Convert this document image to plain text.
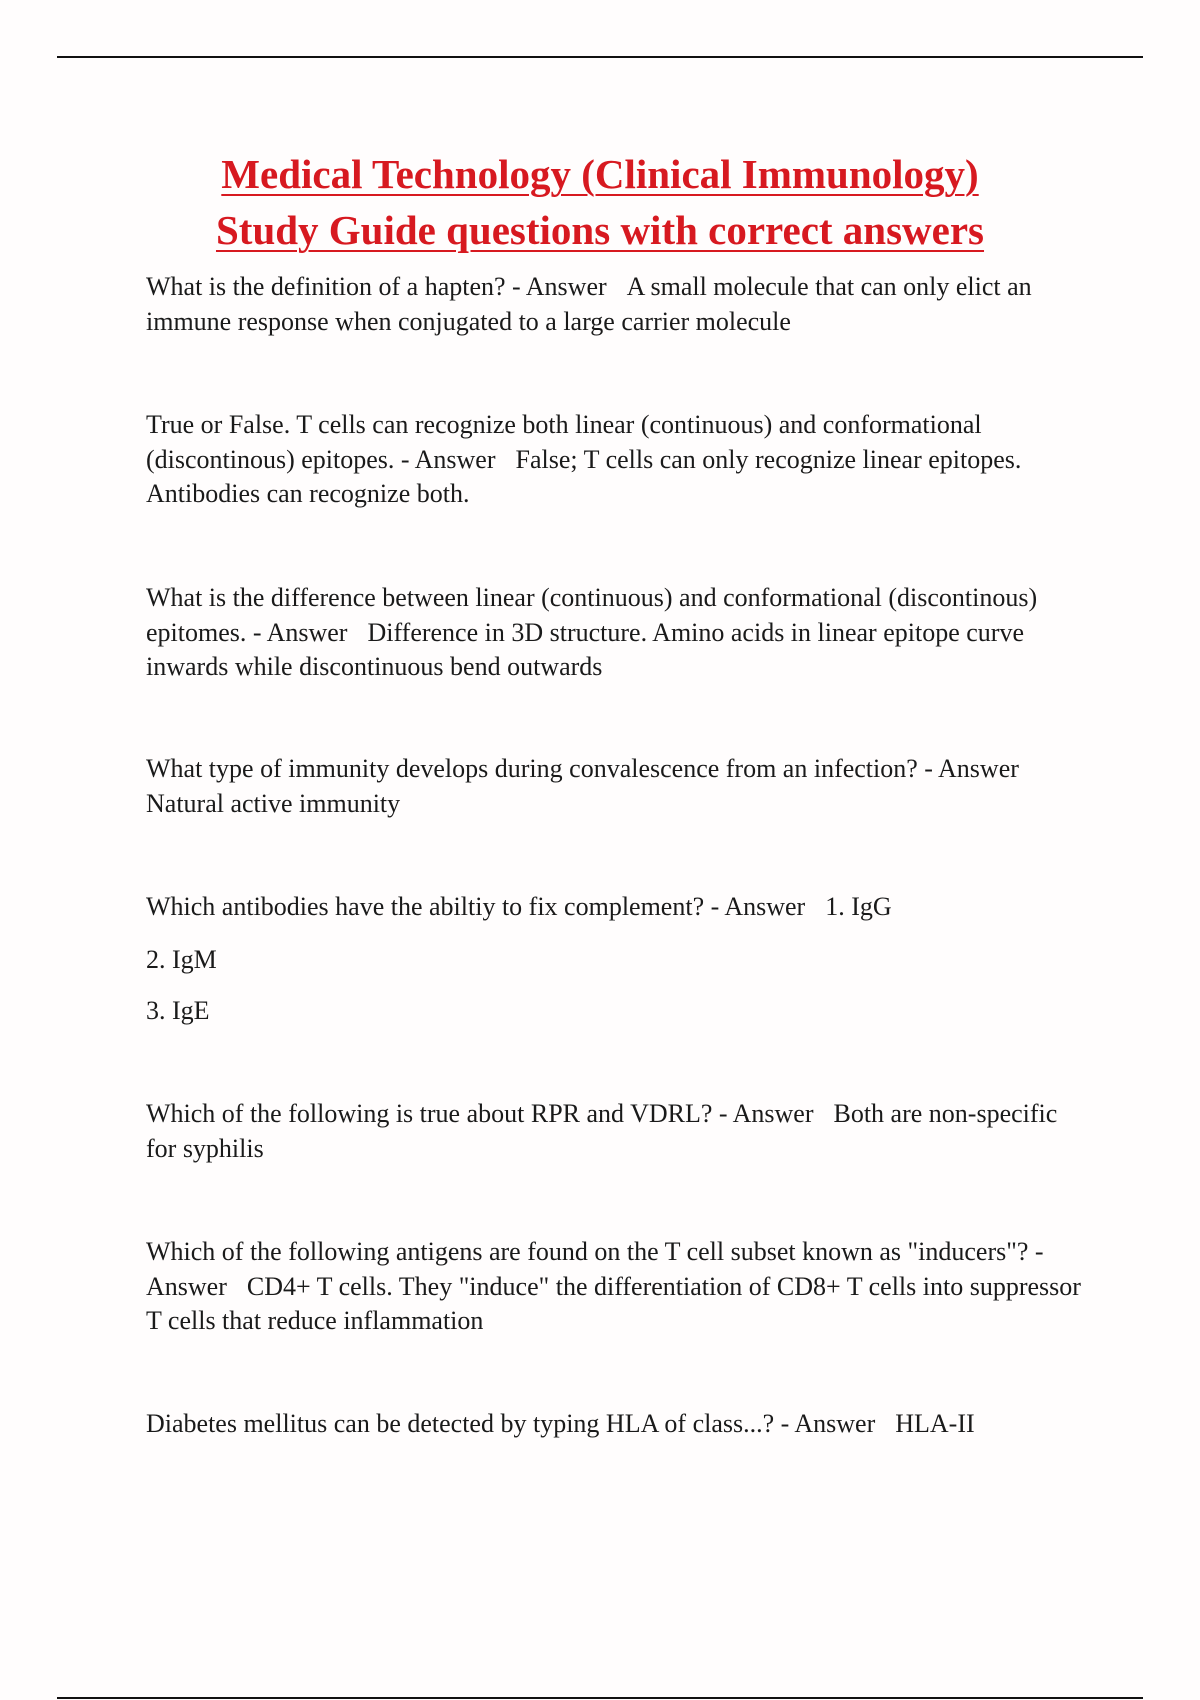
Medical Technology (Clinical Immunology)
Study Guide questions with correct answers
What is the definition of a hapten? - Answer A small molecule that can only elict an immune response when conjugated to a large carrier molecule
True or False. T cells can recognize both linear (continuous) and conformational (discontinous) epitopes. - Answer False; T cells can only recognize linear epitopes. Antibodies can recognize both.
What is the difference between linear (continuous) and conformational (discontinous) epitomes. - Answer Difference in 3D structure. Amino acids in linear epitope curve inwards while discontinuous bend outwards
What type of immunity develops during convalescence from an infection? - AnswerNatural active immunity
Which antibodies have the abiltiy to fix complement? - Answer 1. IgG
2. IgM
3. IgE
Which of the following is true about RPR and VDRL? - Answer Both are non-specific for syphilis
Which of the following antigens are found on the T cell subset known as "inducers"? - Answer CD4+ T cells. They "induce" the differentiation of CD8+ T cells into suppressor T cells that reduce inflammation
Diabetes mellitus can be detected by typing HLA of class...? - Answer HLA-II
